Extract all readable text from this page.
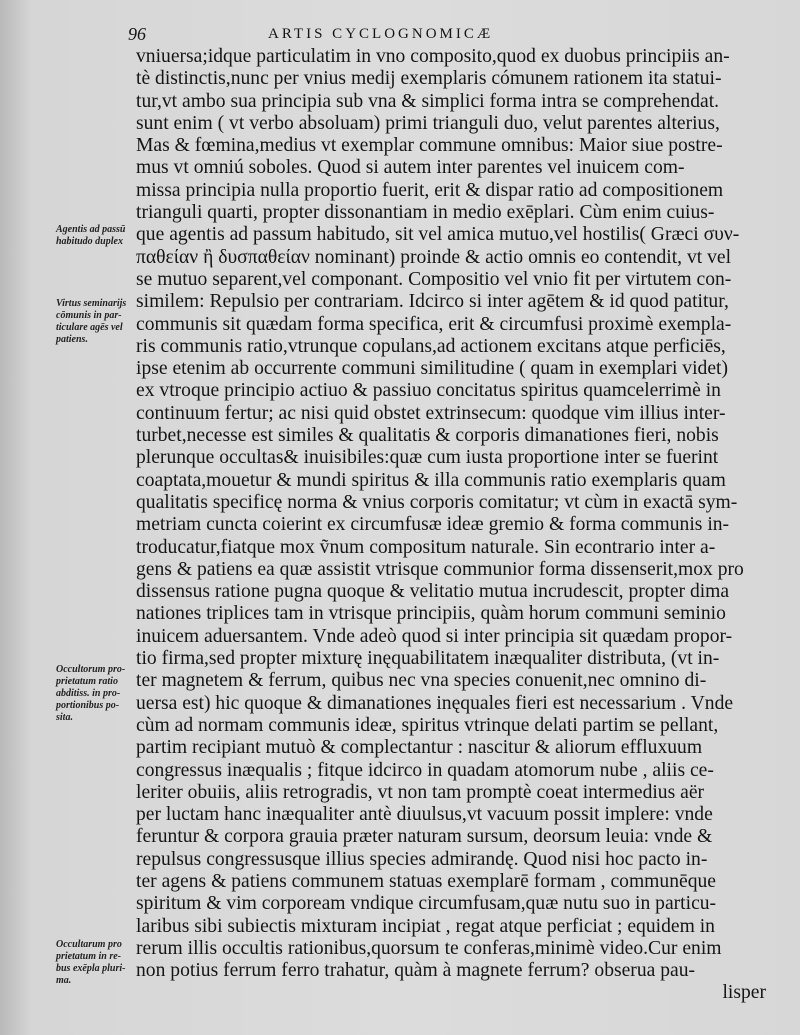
96	ARTIS CYCLOGNOMICÆ
Agentis ad passū
habitudo duplex
Virtus seminarijs
cōmunis in par-
ticulare agēs vel
patiens.
Occultorum pro-
prietatum ratio
abditiss. in pro-
portionibus po-
sita.
Occultarum pro
prietatum in re-
bus exēpla pluri-
ma.
vniuersa;idque particulatim in vno composito,quod ex duobus principiis an-
tè distinctis,nunc per vnius medij exemplaris cómunem rationem ita statui-
tur,vt ambo sua principia sub vna & simplici forma intra se comprehendat.
sunt enim ( vt verbo absoluam) primi trianguli duo, velut parentes alterius,
Mas & fœmina,medius vt exemplar commune omnibus: Maior siue postre-
mus vt omniú soboles. Quod si autem inter parentes vel inuicem com-
missa principia nulla proportio fuerit, erit & dispar ratio ad compositionem
trianguli quarti, propter dissonantiam in medio exēplari. Cùm enim cuius-
que agentis ad passum habitudo, sit vel amica mutuo,vel hostilis( Græci συν-
παθείαν ἢ δυσπαθείαν nominant) proinde & actio omnis eo contendit, vt vel
se mutuo separent,vel componant. Compositio vel vnio fit per virtutem con-
similem: Repulsio per contrariam. Idcirco si inter agētem & id quod patitur,
communis sit quædam forma specifica, erit & circumfusi proximè exempla-
ris communis ratio,vtrunque copulans,ad actionem excitans atque perficiēs,
ipse etenim ab occurrente communi similitudine ( quam in exemplari videt)
ex vtroque principio actiuo & passiuo concitatus spiritus quamcelerrimè in
continuum fertur; ac nisi quid obstet extrinsecum: quodque vim illius inter-
turbet,necesse est similes & qualitatis & corporis dimanationes fieri, nobis
plerunque occultas& inuisibiles:quæ cum iusta proportione inter se fuerint
coaptata,mouetur & mundi spiritus & illa communis ratio exemplaris quam
qualitatis specificę norma & vnius corporis comitatur; vt cùm in exactā sym-
metriam cuncta coierint ex circumfusæ ideæ gremio & forma communis in-
troducatur,fiatque mox ṽnum compositum naturale. Sin econtrario inter a-
gens & patiens ea quæ assistit vtrisque communior forma dissenserit,mox pro
dissensus ratione pugna quoque & velitatio mutua incrudescit, propter dima
nationes triplices tam in vtrisque principiis, quàm horum communi seminio
inuicem aduersantem. Vnde adeò quod si inter principia sit quædam propor-
tio firma,sed propter mixturę inęquabilitatem inæqualiter distributa, (vt in-
ter magnetem & ferrum, quibus nec vna species conuenit,nec omnino di-
uersa est) hic quoque & dimanationes inęquales fieri est necessarium . Vnde
cùm ad normam communis ideæ, spiritus vtrinque delati partim se pellant,
partim recipiant mutuò & complectantur : nascitur & aliorum effluxuum
congressus inæqualis ; fitque idcirco in quadam atomorum nube , aliis ce-
leriter obuiis, aliis retrogradis, vt non tam promptè coeat intermedius aër
per luctam hanc inæqualiter antè diuulsus,vt vacuum possit implere: vnde
feruntur & corpora grauia præter naturam sursum, deorsum leuia: vnde &
repulsus congressusque illius species admirandę. Quod nisi hoc pacto in-
ter agens & patiens communem statuas exemplarē formam , communēque
spiritum & vim corpoream vndique circumfusam,quæ nutu suo in particu-
laribus sibi subiectis mixturam incipiat , regat atque perficiat ; equidem in
rerum illis occultis rationibus,quorsum te conferas,minimè video.Cur enim
non potius ferrum ferro trahatur, quàm à magnete ferrum? obserua pau-
lisper
